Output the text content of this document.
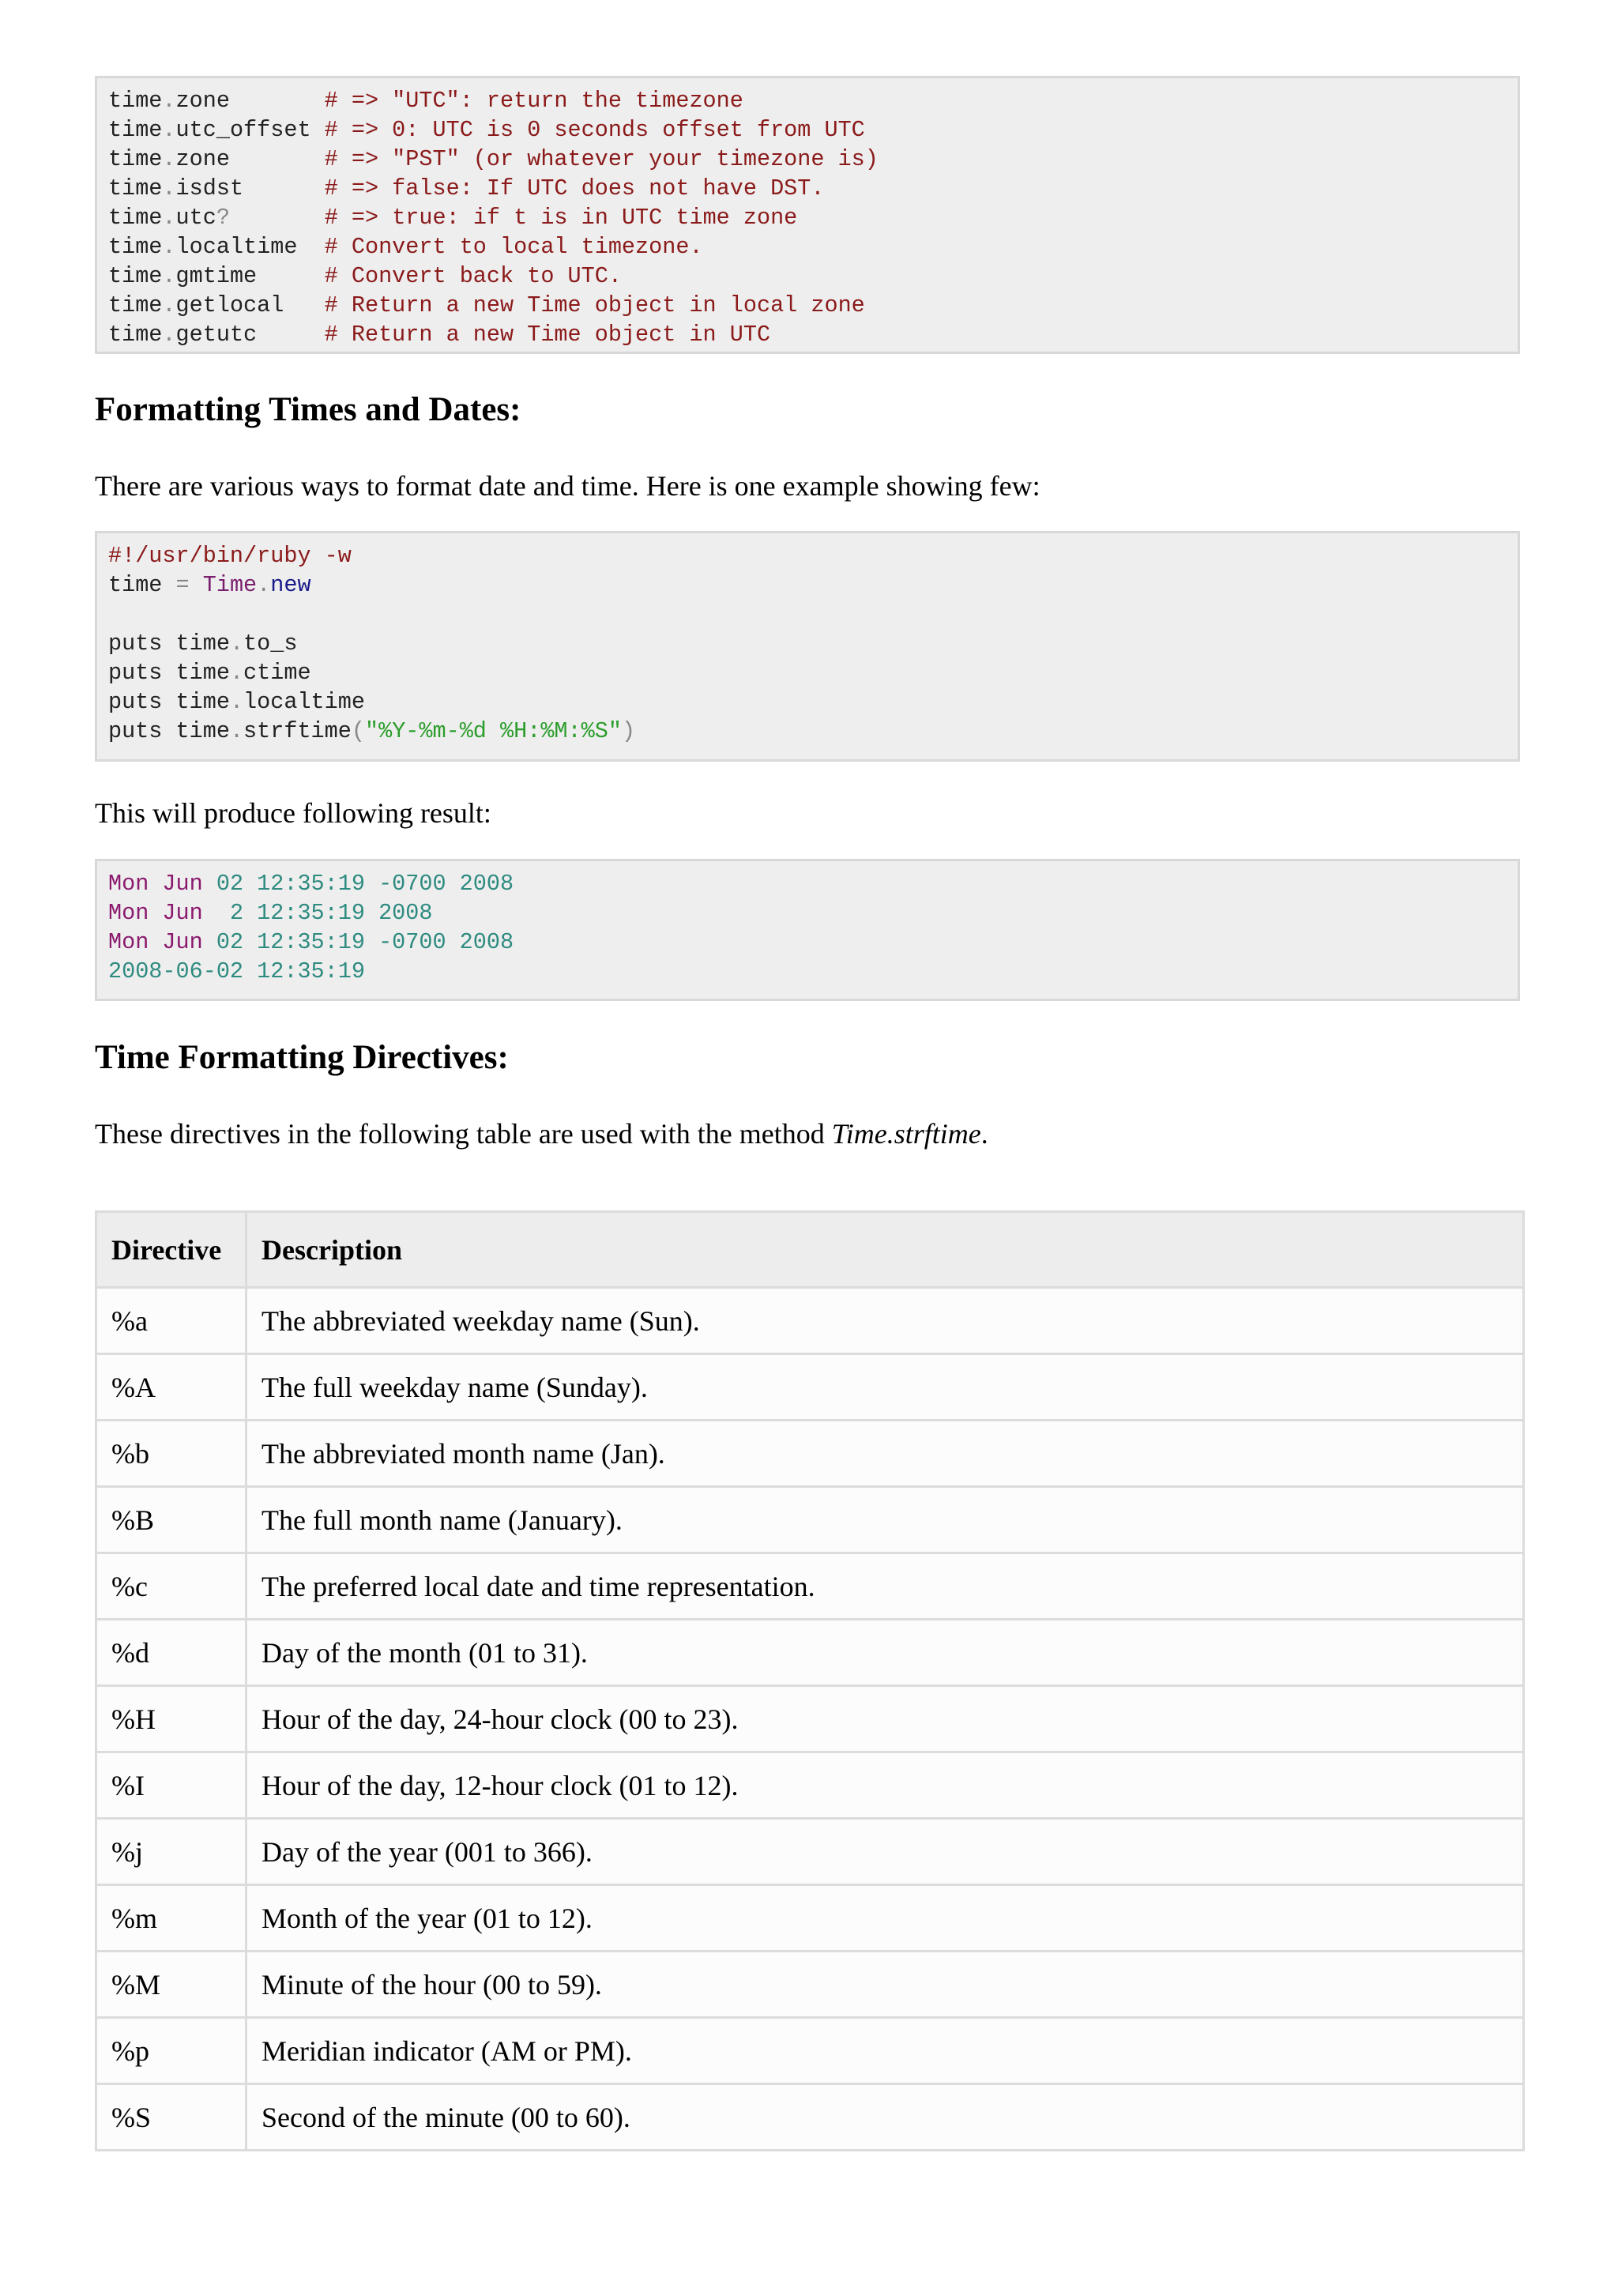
time.zone       # => "UTC": return the timezone
time.utc_offset # => 0: UTC is 0 seconds offset from UTC
time.zone       # => "PST" (or whatever your timezone is)
time.isdst      # => false: If UTC does not have DST.
time.utc?	# => true: if t is in UTC time zone
time.localtime  # Convert to local timezone.
time.gmtime     # Convert back to UTC.
time.getlocal   # Return a new Time object in local zone
time.getutc     # Return a new Time object in UTC
Formatting Times and Dates:

There are various ways to format date and time. Here is one example showing few:

#!/usr/bin/ruby -w
time = Time.new
puts time.to_s
puts time.ctime
puts time.localtime
puts time.strftime("%Y-%m-%d %H:%M:%S")

This will produce following result:

Mon Jun 02 12:35:19 -0700 2008
Mon Jun  2 12:35:19 2008
Mon Jun 02 12:35:19 -0700 2008
2008-06-02 12:35:19
Time Formatting Directives:

These directives in the following table are used with the method Time.strftime.

Directive	Description
%a	The abbreviated weekday name (Sun).
%A	The full weekday name (Sunday).
%b	The abbreviated month name (Jan).
%B	The full month name (January).
%c	The preferred local date and time representation.
%d	Day of the month (01 to 31).
%H	Hour of the day, 24-hour clock (00 to 23).
%I	Hour of the day, 12-hour clock (01 to 12).
%j	Day of the year (001 to 366).
%m	Month of the year (01 to 12).
%M	Minute of the hour (00 to 59).
%p	Meridian indicator (AM or PM).
%S	Second of the minute (00 to 60).
